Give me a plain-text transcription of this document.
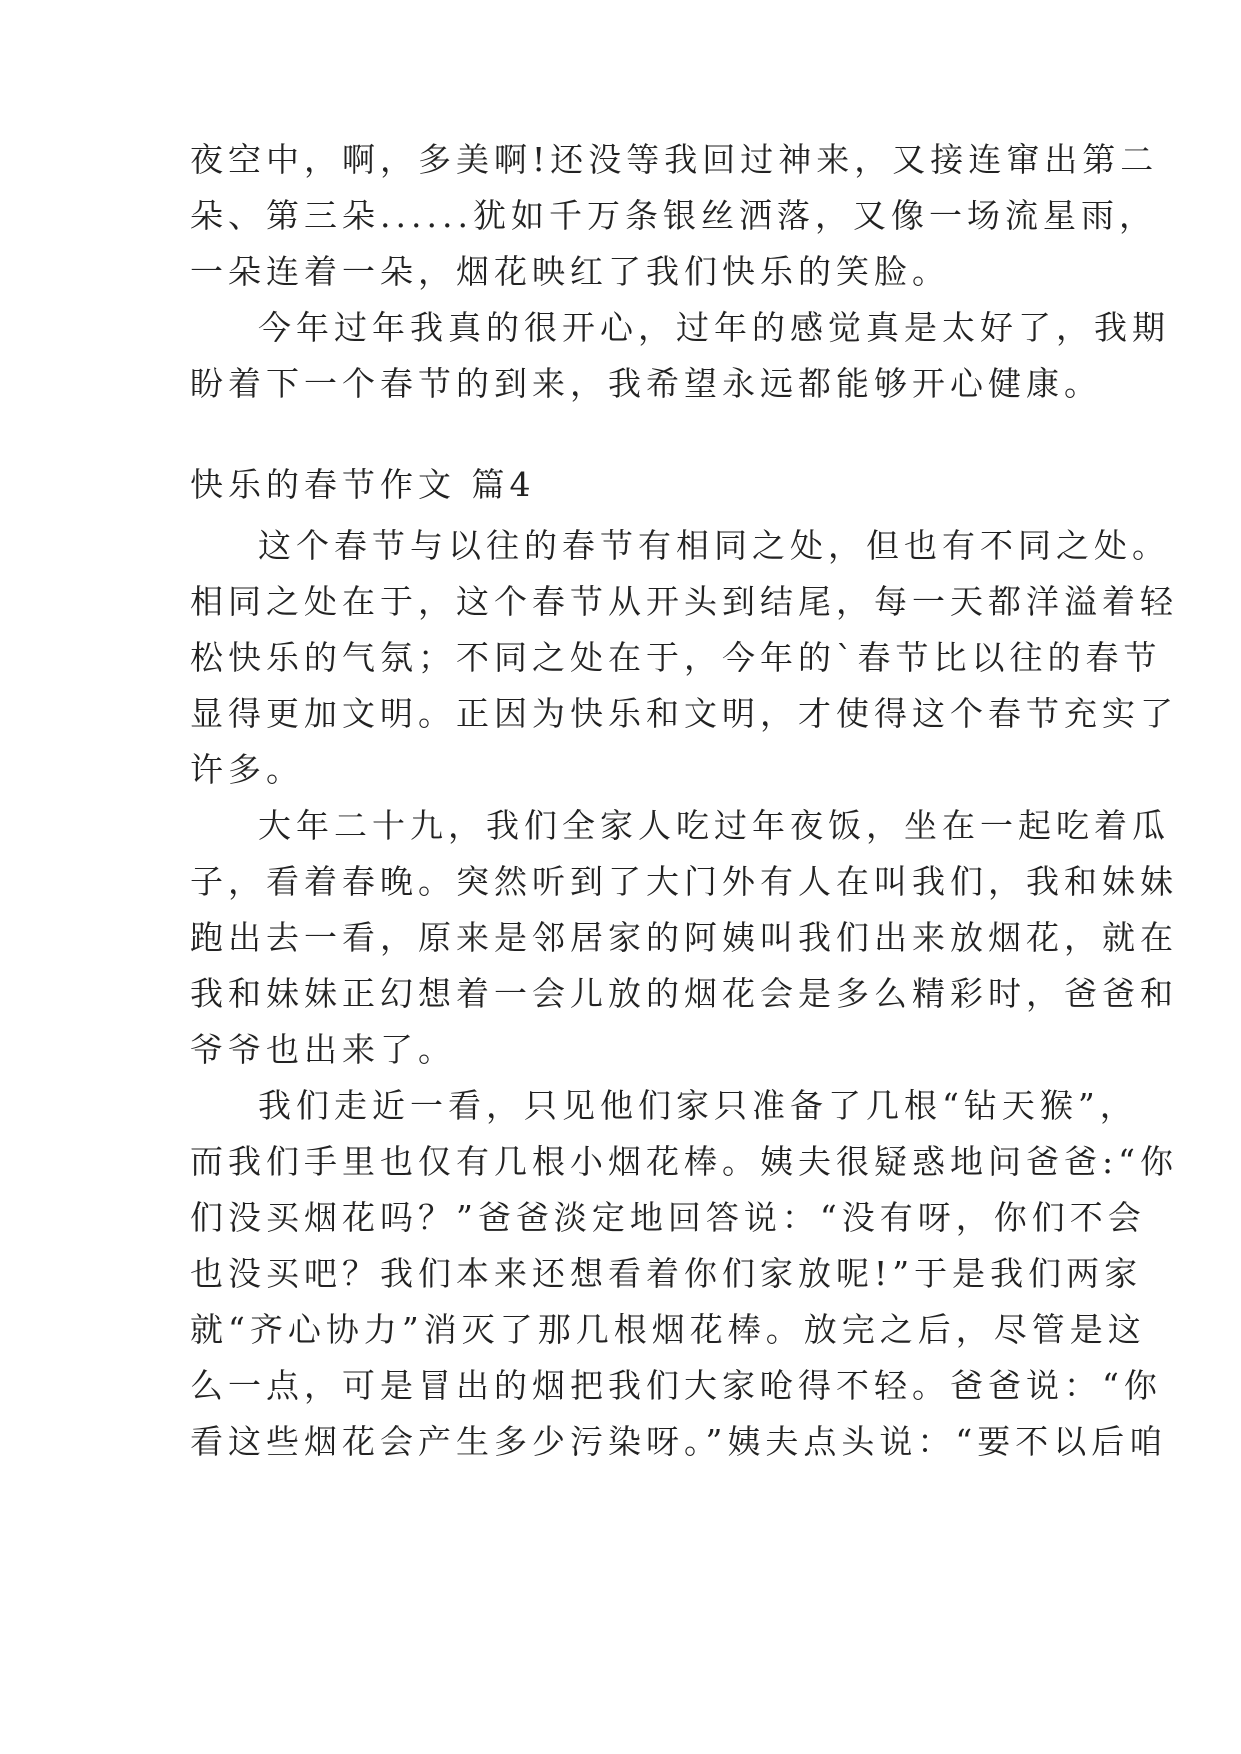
夜空中，啊，多美啊!还没等我回过神来，又接连窜出第二
朵、第三朵......犹如千万条银丝洒落，又像一场流星雨，
一朵连着一朵，烟花映红了我们快乐的笑脸。
今年过年我真的很开心，过年的感觉真是太好了，我期
盼着下一个春节的到来，我希望永远都能够开心健康。
快乐的春节作文 篇4
这个春节与以往的春节有相同之处，但也有不同之处。
相同之处在于，这个春节从开头到结尾，每一天都洋溢着轻
松快乐的气氛；不同之处在于，今年的`春节比以往的春节
显得更加文明。正因为快乐和文明，才使得这个春节充实了
许多。
大年二十九，我们全家人吃过年夜饭，坐在一起吃着瓜
子，看着春晚。突然听到了大门外有人在叫我们，我和妹妹
跑出去一看，原来是邻居家的阿姨叫我们出来放烟花，就在
我和妹妹正幻想着一会儿放的烟花会是多么精彩时，爸爸和
爷爷也出来了。
我们走近一看，只见他们家只准备了几根“钻天猴”，
而我们手里也仅有几根小烟花棒。姨夫很疑惑地问爸爸:“你
们没买烟花吗？”爸爸淡定地回答说：“没有呀，你们不会
也没买吧？我们本来还想看着你们家放呢!”于是我们两家
就“齐心协力”消灭了那几根烟花棒。放完之后，尽管是这
么一点，可是冒出的烟把我们大家呛得不轻。爸爸说：“你
看这些烟花会产生多少污染呀。”姨夫点头说：“要不以后咱
